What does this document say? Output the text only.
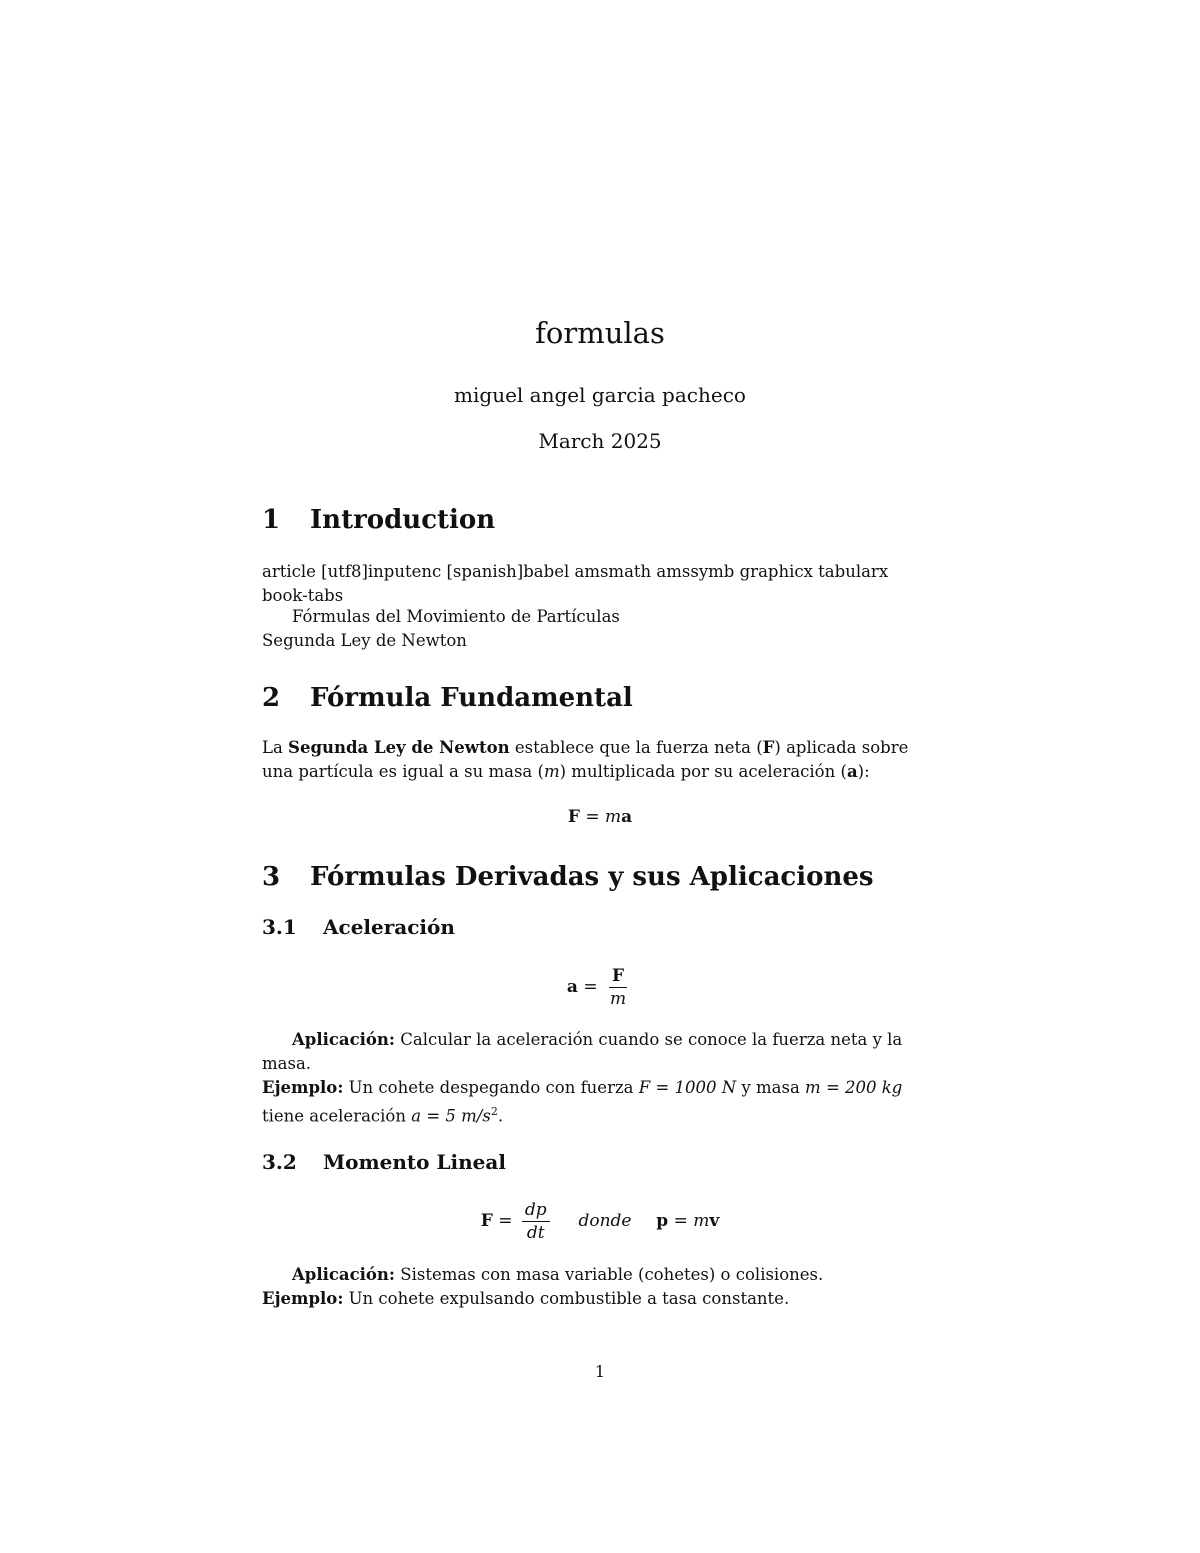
formulas
miguel angel garcia pacheco
March 2025
1 Introduction
article [utf8]inputenc [spanish]babel amsmath amssymb graphicx tabularx book-tabs
Fórmulas del Movimiento de Partículas
Segunda Ley de Newton
2 Fórmula Fundamental
La Segunda Ley de Newton establece que la fuerza neta (F) aplicada sobre una partícula es igual a su masa (m) multiplicada por su aceleración (a):
F = ma
3 Fórmulas Derivadas y sus Aplicaciones
3.1 Aceleración
$a = \frac{F}{m}$
Aplicación: Calcular la aceleración cuando se conoce la fuerza neta y la masa.
Ejemplo: Un cohete despegando con fuerza F = 1000 N y masa m = 200 kg tiene aceleración a = 5 $m/s^2$.
3.2 Momento Lineal
$F = \frac{dp}{dt}$ donde p = mv
Aplicación: Sistemas con masa variable (cohetes) o colisiones.
Ejemplo: Un cohete expulsando combustible a tasa constante.
1
